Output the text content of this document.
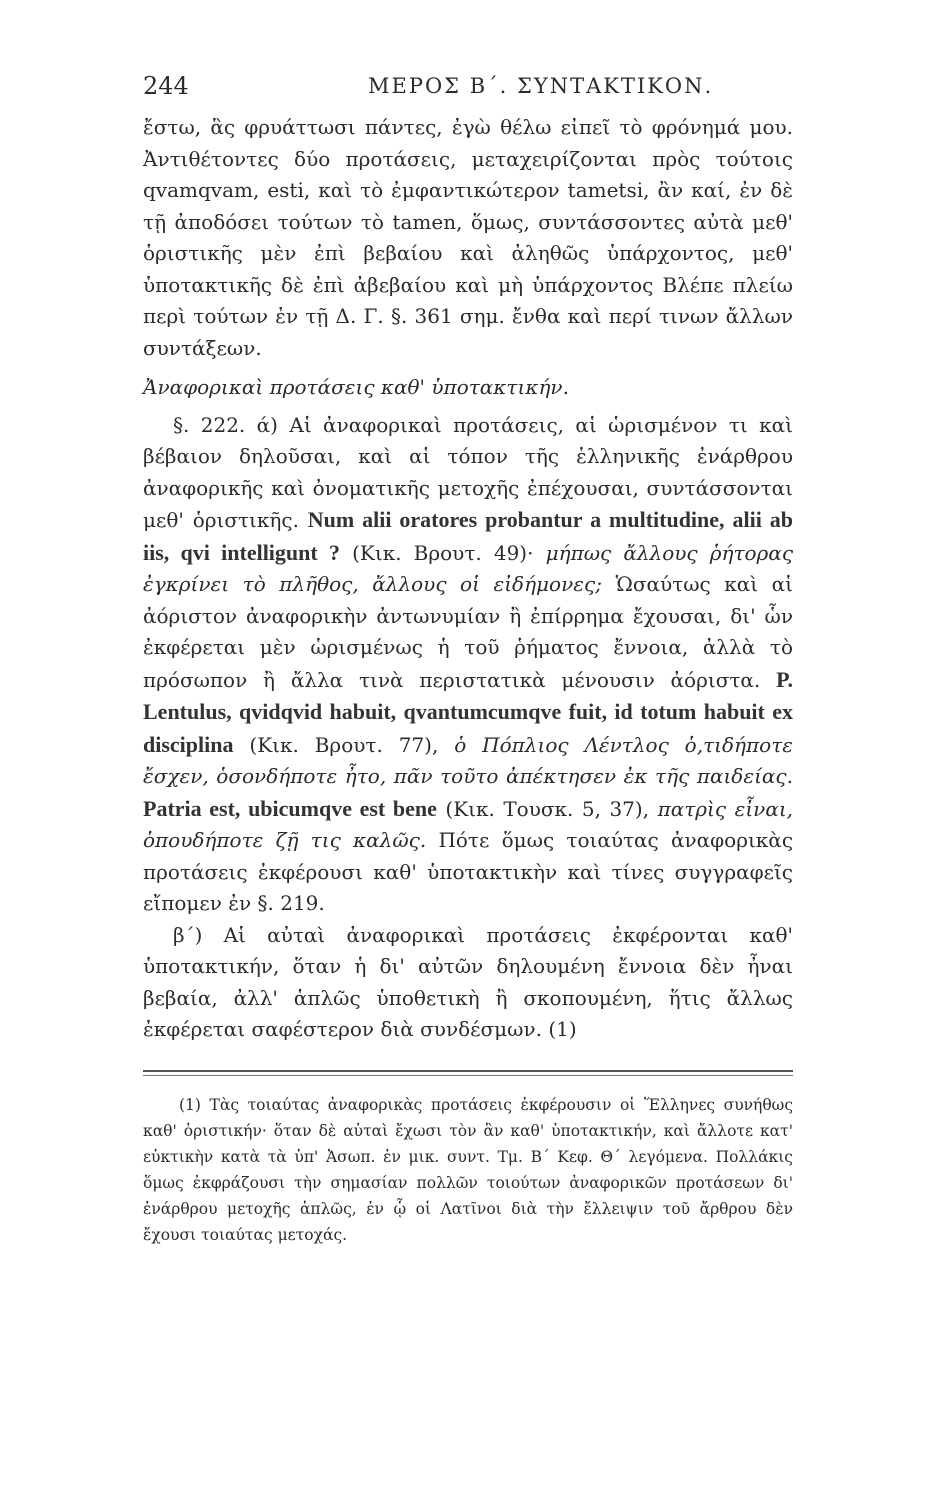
244	ΜΕΡΟΣ Β΄. ΣΥΝΤΑΚΤΙΚΟΝ.

ἔστω, ἃς φρυάττωσι πάντες, ἐγὼ θέλω εἰπεῖ τὸ φρόνημά μου. Ἀντιθέτοντες δύο προτάσεις, μεταχειρίζονται πρὸς τούτοις qvamqvam, esti, καὶ τὸ ἐμφαντικώτερον tametsi, ἂν καί, ἐν δὲ τῇ ἀποδόσει τούτων τὸ tamen, ὅμως, συντάσσοντες αὐτὰ μεθ' ὁριστικῆς μὲν ἐπὶ βεβαίου καὶ ἀληθῶς ὑπάρχοντος, μεθ' ὑποτακτικῆς δὲ ἐπὶ ἀβεβαίου καὶ μὴ ὑπάρχοντος Βλέπε πλείω περὶ τούτων ἐν τῇ Δ. Γ. §. 361 σημ. ἔνθα καὶ περί τινων ἄλλων συντάξεων.

Ἀναφορικαὶ προτάσεις καθ' ὑποτακτικήν.

§. 222. ά) Αἱ ἀναφορικαὶ προτάσεις, αἱ ὡρισμένον τι καὶ βέβαιον δηλοῦσαι, καὶ αἱ τόπον τῆς ἑλληνικῆς ἐνάρθρου ἀναφορικῆς καὶ ὀνοματικῆς μετοχῆς ἐπέχουσαι, συντάσσονται μεθ' ὁριστικῆς. Num alii oratores probantur a multitudine, alii ab iis, qvi intelligunt ? (Κικ. Βρουτ. 49)· μήπως ἄλλους ῥήτορας ἐγκρίνει τὸ πλῆθος, ἄλλους οἱ εἰδήμονες; Ὡσαύτως καὶ αἱ ἀόριστον ἀναφορικὴν ἀντωνυμίαν ἢ ἐπίρρημα ἔχουσαι, δι' ὧν ἐκφέρεται μὲν ὡρισμένως ἡ τοῦ ῥήματος ἔννοια, ἀλλὰ τὸ πρόσωπον ἢ ἄλλα τινὰ περιστατικὰ μένουσιν ἀόριστα. P. Lentulus, qvidqvid habuit, qvantumcumqve fuit, id totum habuit ex disciplina (Κικ. Βρουτ. 77), ὁ Πόπλιος Λέντλος ὁ,τιδήποτε ἔσχεν, ὁσονδήποτε ἦτο, πᾶν τοῦτο ἀπέκτησεν ἐκ τῆς παιδείας. Patria est, ubicumqve est bene (Κικ. Τουσκ. 5, 37), πατρὶς εἶναι, ὁπουδήποτε ζῇ τις καλῶς. Πότε ὅμως τοιαύτας ἀναφορικὰς προτάσεις ἐκφέρουσι καθ' ὑποτακτικὴν καὶ τίνες συγγραφεῖς εἴπομεν ἐν §. 219.

β΄) Αἱ αὐταὶ ἀναφορικαὶ προτάσεις ἐκφέρονται καθ' ὑποτακτικήν, ὅταν ἡ δι' αὐτῶν δηλουμένη ἔννοια δὲν ἦναι βεβαία, ἀλλ' ἁπλῶς ὑποθετικὴ ἢ σκοπουμένη, ἥτις ἄλλως ἐκφέρεται σαφέστερον διὰ συνδέσμων. (1)

(1) Τὰς τοιαύτας ἀναφορικὰς προτάσεις ἐκφέρουσιν οἱ Ἕλληνες συνήθως καθ' ὁριστικήν· ὅταν δὲ αὐταὶ ἔχωσι τὸν ἂν καθ' ὑποτακτικήν, καὶ ἄλλοτε κατ' εὐκτικὴν κατὰ τὰ ὑπ' Ἀσωπ. ἐν μικ. συντ. Τμ. Β΄ Κεφ. Θ΄ λεγόμενα. Πολλάκις ὅμως ἐκφράζουσι τὴν σημασίαν πολλῶν τοιούτων ἀναφορικῶν προτάσεων δι' ἐνάρθρου μετοχῆς ἁπλῶς, ἐν ᾧ οἱ Λατῖνοι διὰ τὴν ἔλλειψιν τοῦ ἄρθρου δὲν ἔχουσι τοιαύτας μετοχάς.
